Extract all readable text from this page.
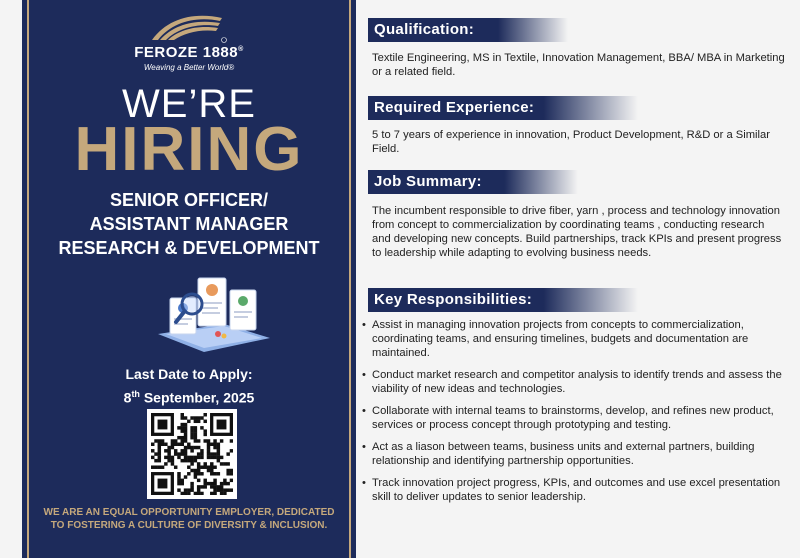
FEROZE 1888®
Weaving a Better World®
WE’RE
HIRING
SENIOR OFFICER/
ASSISTANT MANAGER
RESEARCH & DEVELOPMENT
Last Date to Apply:
8th September, 2025
WE ARE AN EQUAL OPPORTUNITY EMPLOYER, DEDICATED TO FOSTERING A CULTURE OF DIVERSITY & INCLUSION.
Qualification:
Textile Engineering, MS in Textile, Innovation Management, BBA/ MBA in Marketing or a related field.
Required Experience:
5 to 7 years of experience in innovation, Product Development, R&D or a Similar Field.
Job Summary:
The incumbent responsible to drive fiber, yarn , process and technology innovation from concept to commercialization by coordinating teams , conducting research and developing new concepts. Build partnerships, track KPIs and present progress to leadership while adapting to evolving business needs.
Key Responsibilities:
• Assist in managing innovation projects from concepts to commercialization, coordinating teams, and ensuring timelines, budgets and documentation are maintained.
• Conduct market research and competitor analysis to identify trends and assess the viability of new ideas and technologies.
• Collaborate with internal teams to brainstorms, develop, and refines new product, services or process concept through prototyping and testing.
• Act as a liason between teams, business units and external partners, building relationship and identifying partnership opportunities.
• Track innovation project progress, KPIs, and outcomes and use excel presentation skill to deliver updates to senior leadership.
